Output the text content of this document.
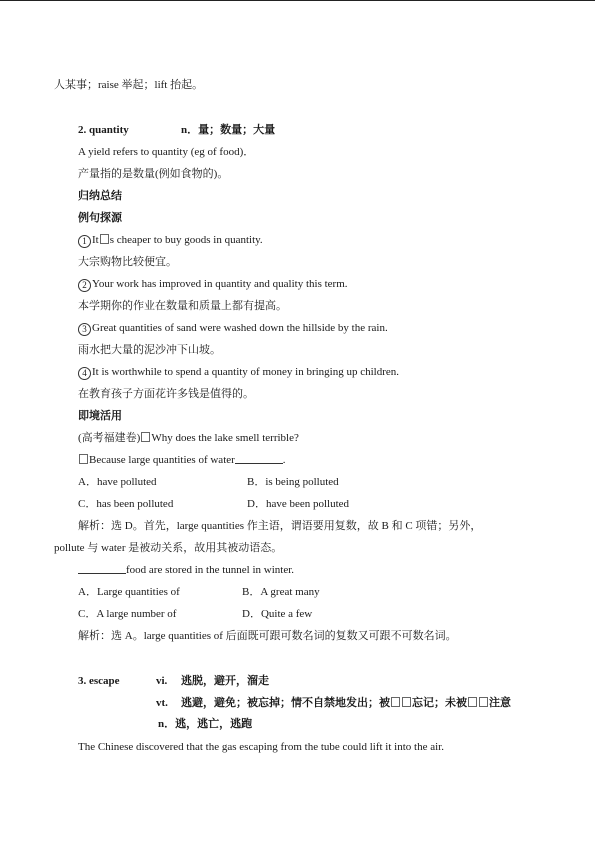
人某事；raise 举起；lift 抬起。
2. quantity	n．量；数量；大量
A yield refers to quantity (eg of food)．
产量指的是数量(例如食物的)。
归纳总结
例句探源
1 It s cheaper to buy goods in quantity.
大宗购物比较便宜。
2 Your work has improved in quantity and quality this term.
本学期你的作业在数量和质量上都有提高。
3 Great quantities of sand were washed down the hillside by the rain.
雨水把大量的泥沙冲下山坡。
4 It is worthwhile to spend a quantity of money in bringing up children.
在教育孩子方面花许多钱是值得的。
即境活用
(高考福建卷) Why does the lake smell terrible?
Because large quantities of water	.
A．have polluted	B．is being polluted
C．has been polluted	D．have been polluted
解析：选 D。首先，large quantities 作主语，谓语要用复数，故 B 和 C 项错；另外，
pollute 与 water 是被动关系，故用其被动语态。
food are stored in the tunnel in winter.
A．Large quantities of	B．A great many
C．A large number of	D．Quite a few
解析：选 A。large quantities of 后面既可跟可数名词的复数又可跟不可数名词。
3. escape	vi. 逃脱，避开，溜走
vt. 逃避，避免；被忘掉；情不自禁地发出；被 忘记；未被 注意
n．逃，逃亡，逃跑
The Chinese discovered that the gas escaping from the tube could lift it into the air.
